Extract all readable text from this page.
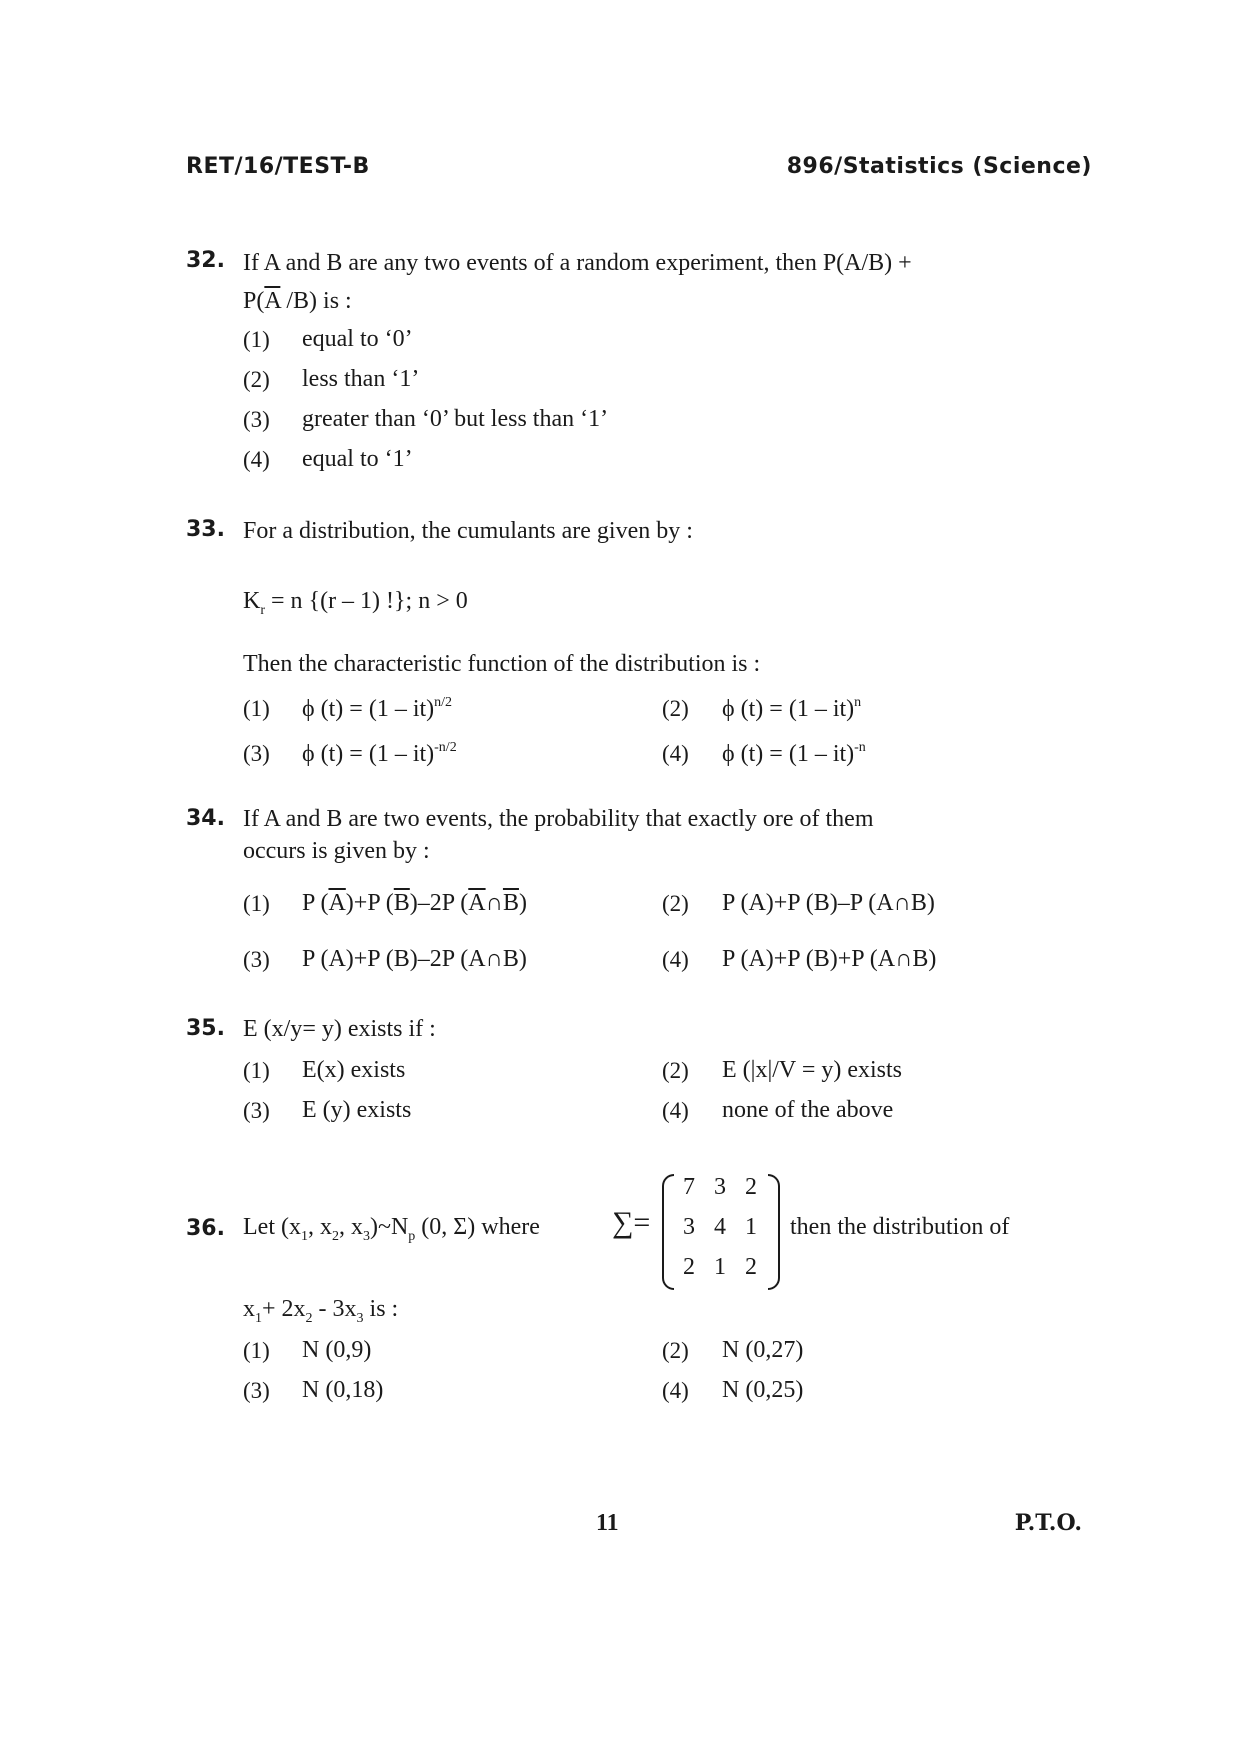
RET/16/TEST-B	896/Statistics (Science)
32. If A and B are any two events of a random experiment, then P(A/B) +
$P(\overline{A}$ /B) is :
(1) equal to ‘0’
(2) less than ‘1’
(3) greater than ‘0’ but less than ‘1’
(4) equal to ‘1’
33. For a distribution, the cumulants are given by :
$K_r = n$ {(r – 1) !}; n > 0
Then the characteristic function of the distribution is :
(1) ϕ (t) = (1 – it)$^{n/2}$	(2) ϕ (t) = (1 – it)$^n$
(3) ϕ (t) = (1 – it)$^{-n/2}$	(4) ϕ (t) = (1 – it)$^{-n}$
34. If A and B are two events, the probability that exactly ore of them
occurs is given by :
(1) P $(\overline{A})+P$ $(\overline{B})-2P$ $(\overline{A}\cap\overline{B})$	(2) P (A)+P (B)–P (A∩B)
(3) P (A)+P (B)–2P (A∩B)	(4) P (A)+P (B)+P (A∩B)
35. E (x/y= y) exists if :
(1) E(x) exists	(2) E (|x|/V = y) exists
(3) E (y) exists	(4) none of the above
36. Let ($x_1$, $x_2$, $x_3)\sim N_p$ (0, Σ) where ∑=
7 3 2
3 4 1
2 1 2
then the distribution of
$x_1+ 2x_2 - 3x_3$ is :
(1) N (0,9)	(2) N (0,27)
(3) N (0,18)	(4) N (0,25)
11	P.T.O.
